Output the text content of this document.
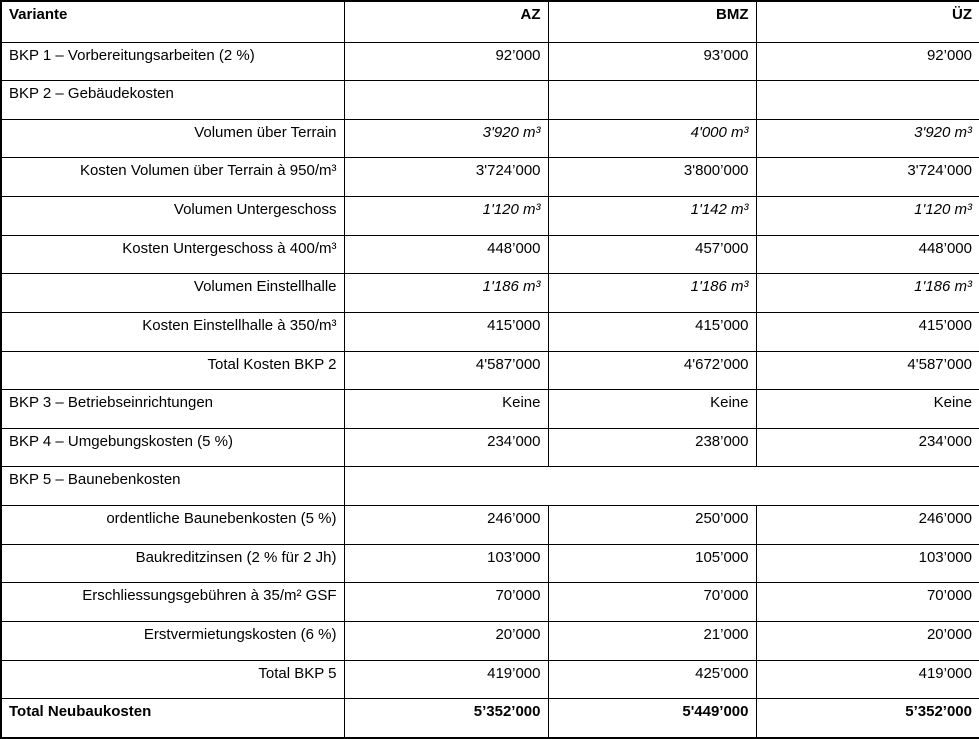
Variante	AZ	BMZ	ÜZ
BKP 1 – Vorbereitungsarbeiten (2 %)	92’000	93’000	92’000
BKP 2 – Gebäudekosten			
Volumen über Terrain	3'920 m³	4'000 m³	3'920 m³
Kosten Volumen über Terrain à 950/m³	3'724’000	3'800’000	3'724’000
Volumen Untergeschoss	1'120 m³	1'142 m³	1'120 m³
Kosten Untergeschoss à 400/m³	448’000	457’000	448’000
Volumen Einstellhalle	1'186 m³	1'186 m³	1'186 m³
Kosten Einstellhalle à 350/m³	415’000	415’000	415’000
Total Kosten BKP 2	4'587’000	4'672’000	4'587’000
BKP 3 – Betriebseinrichtungen	Keine	Keine	Keine
BKP 4 – Umgebungskosten (5 %)	234’000	238’000	234’000
BKP 5 – Baunebenkosten			
ordentliche Baunebenkosten (5 %)	246’000	250’000	246’000
Baukreditzinsen (2 % für 2 Jh)	103’000	105’000	103’000
Erschliessungsgebühren à 35/m² GSF	70’000	70’000	70’000
Erstvermietungskosten (6 %)	20’000	21’000	20’000
Total BKP 5	419’000	425’000	419’000
Total Neubaukosten	5’352’000	5'449’000	5’352’000
